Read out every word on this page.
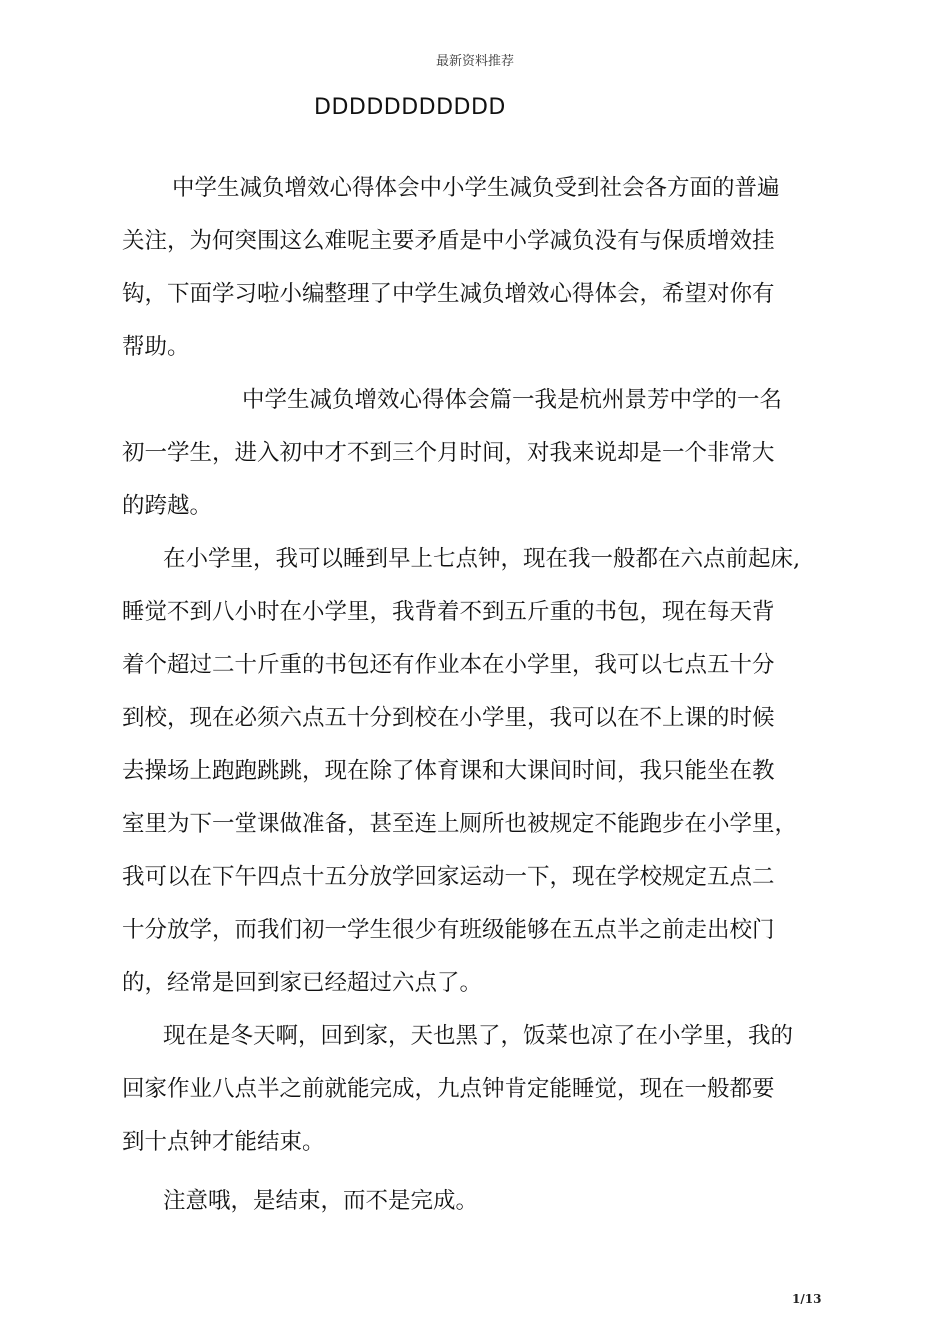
最新资料推荐
DDDDDDDDDDD
中学生减负增效心得体会中小学生减负受到社会各方面的普遍
关注，为何突围这么难呢主要矛盾是中小学减负没有与保质增效挂
钩，下面学习啦小编整理了中学生减负增效心得体会，希望对你有
帮助。
中学生减负增效心得体会篇一我是杭州景芳中学的一名
初一学生，进入初中才不到三个月时间，对我来说却是一个非常大
的跨越。
在小学里，我可以睡到早上七点钟，现在我一般都在六点前起床,
睡觉不到八小时在小学里，我背着不到五斤重的书包，现在每天背
着个超过二十斤重的书包还有作业本在小学里，我可以七点五十分
到校，现在必须六点五十分到校在小学里，我可以在不上课的时候
去操场上跑跑跳跳，现在除了体育课和大课间时间，我只能坐在教
室里为下一堂课做准备，甚至连上厕所也被规定不能跑步在小学里，
我可以在下午四点十五分放学回家运动一下，现在学校规定五点二
十分放学，而我们初一学生很少有班级能够在五点半之前走出校门
的，经常是回到家已经超过六点了。
现在是冬天啊，回到家，天也黑了，饭菜也凉了在小学里，我的
回家作业八点半之前就能完成，九点钟肯定能睡觉，现在一般都要
到十点钟才能结束。
注意哦，是结束，而不是完成。
1/13
